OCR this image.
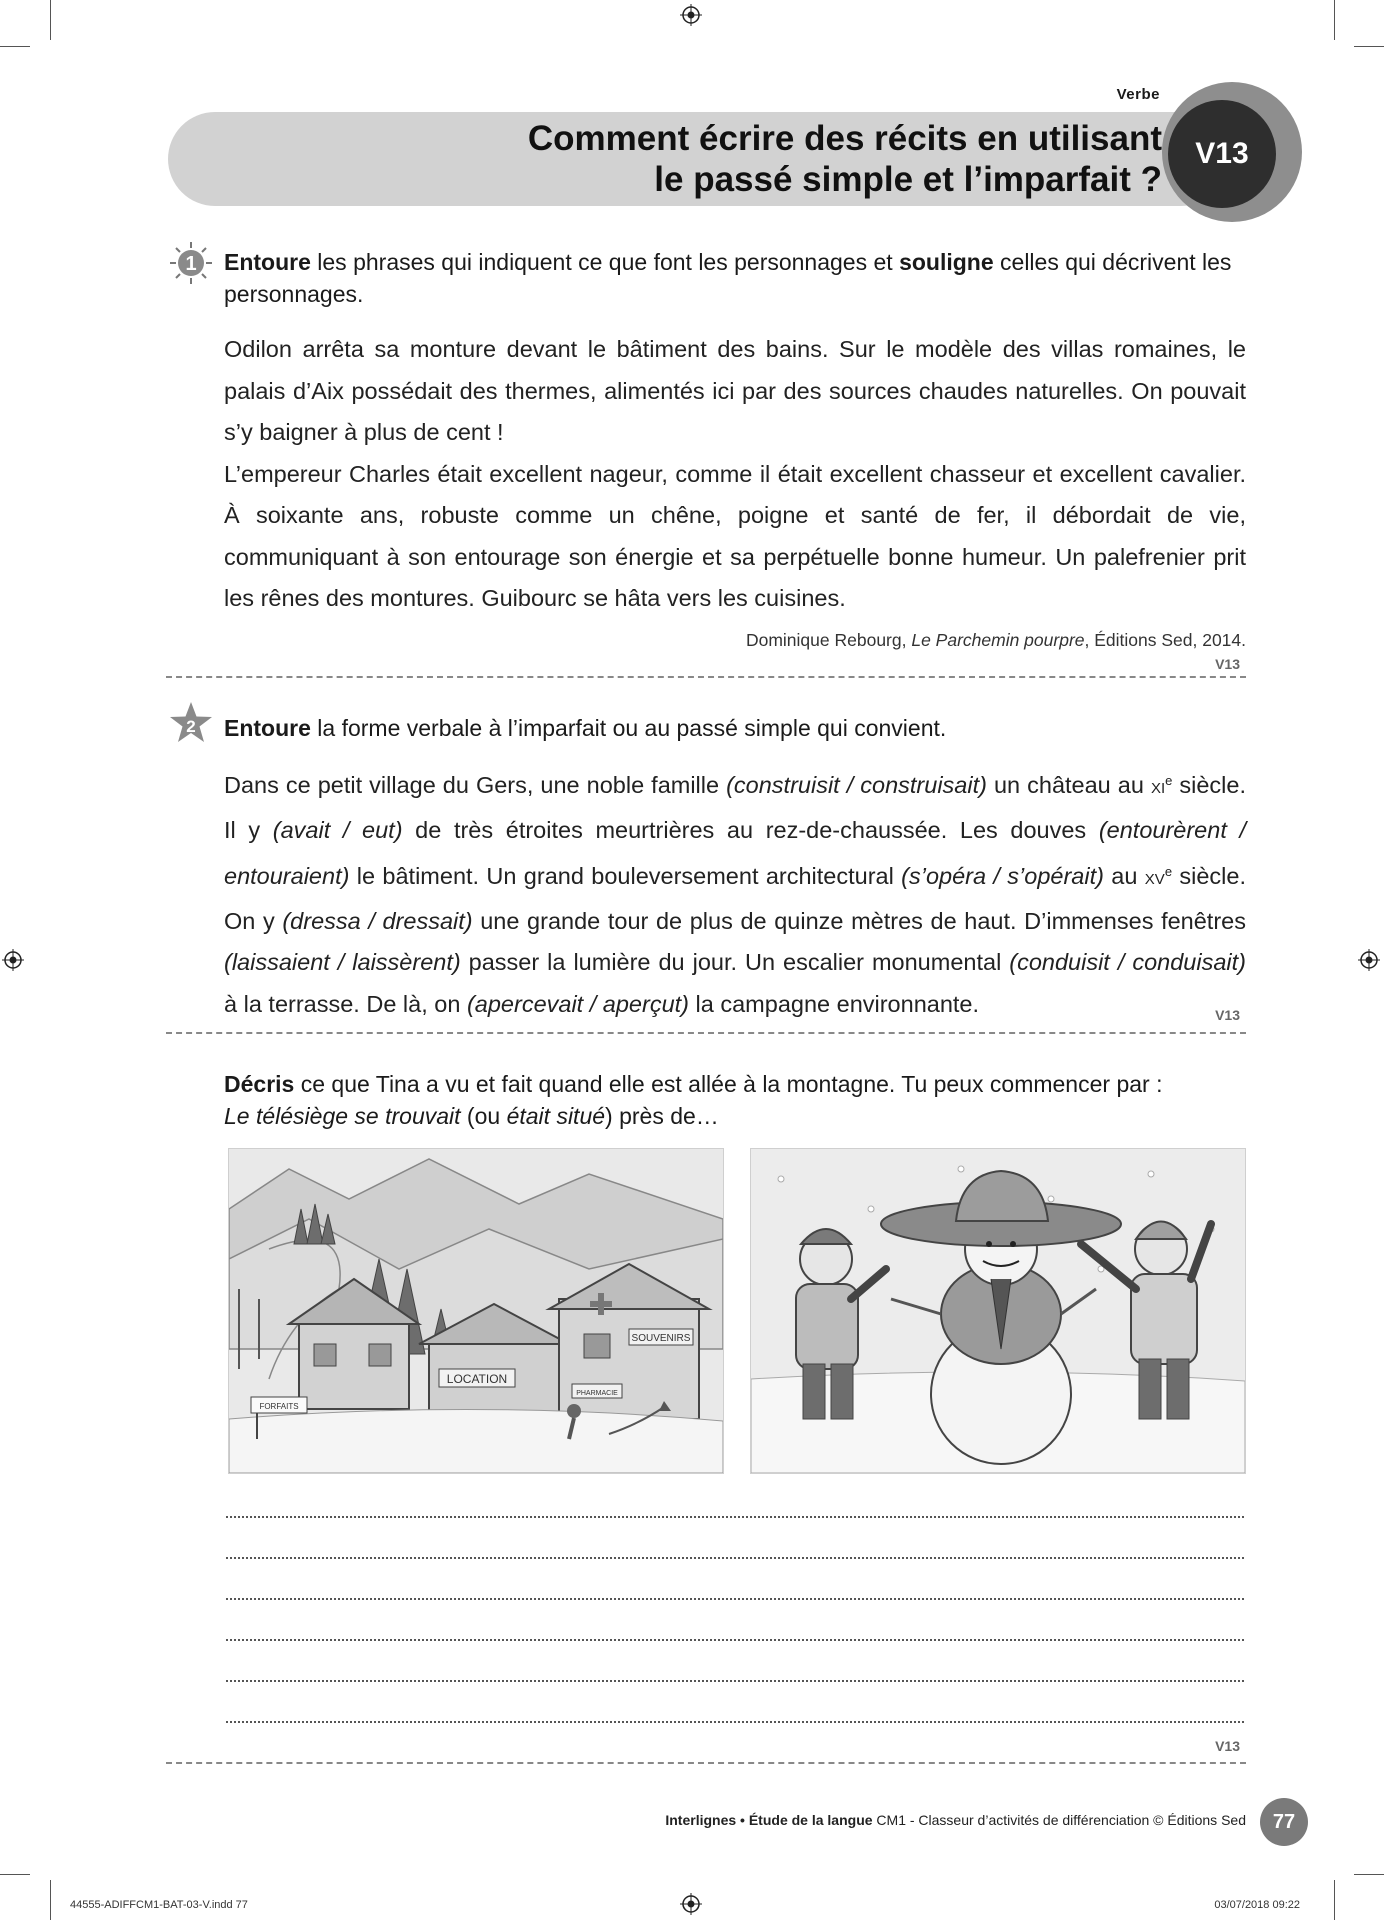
Verbe
Comment écrire des récits en utilisant
le passé simple et l’imparfait ?
V13
1 Entoure les phrases qui indiquent ce que font les personnages et souligne celles qui décrivent les personnages.

Odilon arrêta sa monture devant le bâtiment des bains. Sur le modèle des villas romaines, le palais d’Aix possédait des thermes, alimentés ici par des sources chaudes naturelles. On pouvait s’y baigner à plus de cent !

L’empereur Charles était excellent nageur, comme il était excellent chasseur et excellent cavalier. À soixante ans, robuste comme un chêne, poigne et santé de fer, il débordait de vie, communiquant à son entourage son énergie et sa perpétuelle bonne humeur. Un palefrenier prit les rênes des montures. Guibourc se hâta vers les cuisines.

Dominique Rebourg, Le Parchemin pourpre, Éditions Sed, 2014.
V13
2 Entoure la forme verbale à l’imparfait ou au passé simple qui convient.

Dans ce petit village du Gers, une noble famille (construisit / construisait) un château au XIe siècle. Il y (avait / eut) de très étroites meurtrières au rez-de-chaussée. Les douves (entourèrent / entouraient) le bâtiment. Un grand bouleversement architectural (s’opéra / s’opérait) au XVe siècle. On y (dressa / dressait) une grande tour de plus de quinze mètres de haut. D’immenses fenêtres (laissaient / laissèrent) passer la lumière du jour. Un escalier monumental (conduisit / conduisait) à la terrasse. De là, on (apercevait / aperçut) la campagne environnante.	V13
3 Décris ce que Tina a vu et fait quand elle est allée à la montagne. Tu peux commencer par :
Le télésiège se trouvait (ou était situé) près de…
LOCATION
PHARMACIE
SOUVENIRS
FORFAITS
V13
Interlignes • Étude de la langue CM1 - Classeur d’activités de différenciation © Éditions Sed	77
44555-ADIFFCM1-BAT-03-V.indd 77	03/07/2018 09:22
